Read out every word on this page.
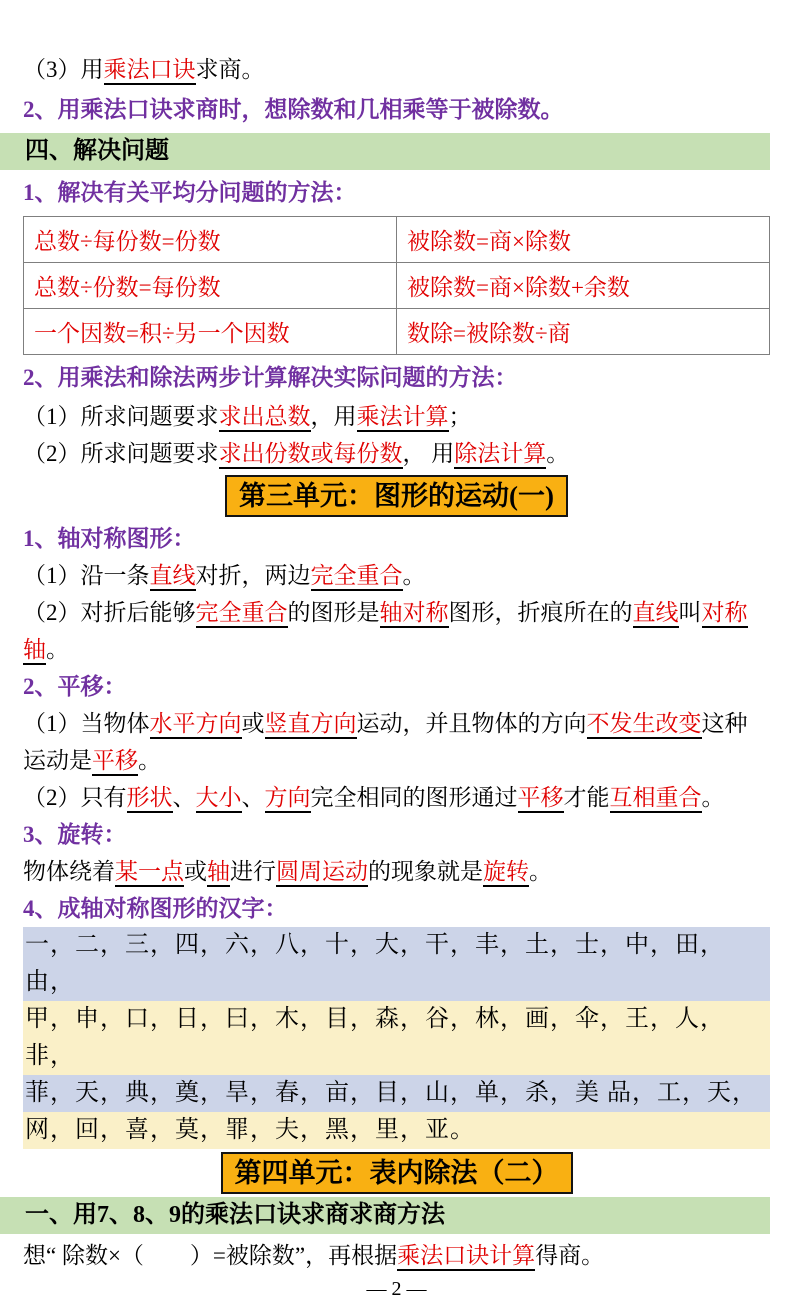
（3）用乘法口诀求商。
2、用乘法口诀求商时，想除数和几相乘等于被除数。
四、解决问题
1、解决有关平均分问题的方法：
总数÷每份数=份数	被除数=商×除数
总数÷份数=每份数	被除数=商×除数+余数
一个因数=积÷另一个因数	数除=被除数÷商
2、用乘法和除法两步计算解决实际问题的方法：
（1）所求问题要求求出总数，用乘法计算；
（2）所求问题要求求出份数或每份数， 用除法计算。
第三单元：图形的运动(一)
1、轴对称图形：
（1）沿一条直线对折，两边完全重合。
（2）对折后能够完全重合的图形是轴对称图形，折痕所在的直线叫对称轴。
2、平移：
（1）当物体水平方向或竖直方向运动，并且物体的方向不发生改变这种运动是平移。
（2）只有形状、大小、方向完全相同的图形通过平移才能互相重合。
3、旋转：
物体绕着某一点或轴进行圆周运动的现象就是旋转。
4、成轴对称图形的汉字：
一，二，三，四，六，八，十，大，干，丰，土，士，中，田，由，
甲，申，口，日，曰，木，目，森，谷，林，画，伞，王，人，非，
菲，天，典，奠，旱，春，亩，目，山，单，杀，美 品，工，天，
网，回，喜，莫，罪，夫，黑，里，亚。
第四单元：表内除法（二）
一、用7、8、9的乘法口诀求商求商方法
想“ 除数×（　　）=被除数”，再根据乘法口诀计算得商。
— 2 —
